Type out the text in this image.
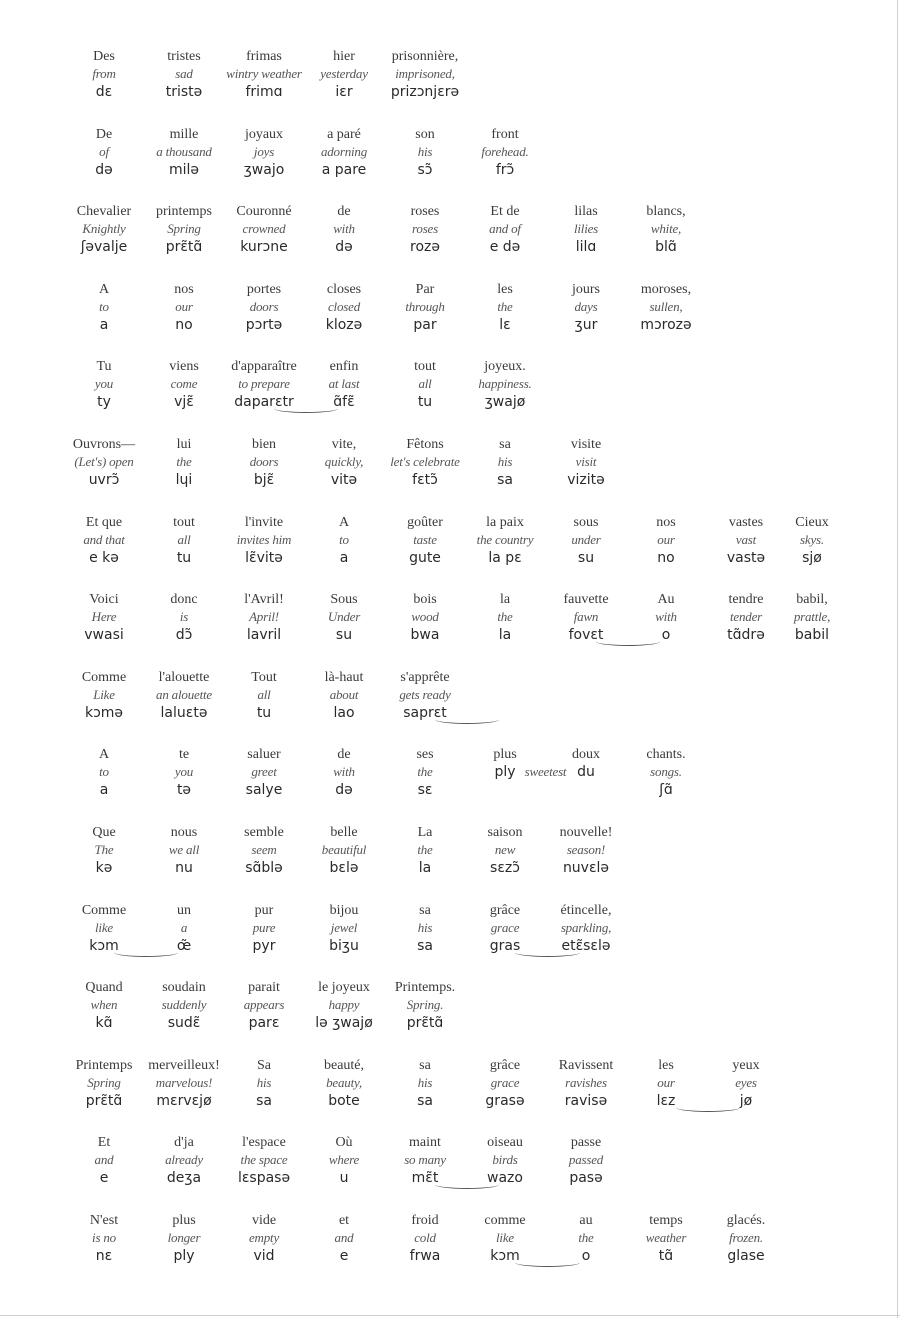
Des
from
dɛ
tristes
sad
tristə
frimas
wintry weather
frimɑ
hier
yesterday
iɛr
prisonnière,
imprisoned,
prizɔnjɛrə
De
of
də
mille
a thousand
milə
joyaux
joys
ʒwajo
a paré
adorning
a pare
son
his
sɔ̃
front
forehead.
frɔ̃
Chevalier
Knightly
ʃəvalje
printemps
Spring
prɛ̃tɑ̃
Couronné
crowned
kurɔne
de
with
də
roses
roses
rozə
Et de
and of
e də
lilas
lilies
lilɑ
blancs,
white,
blɑ̃
A
to
a
nos
our
no
portes
doors
pɔrtə
closes
closed
klozə
Par
through
par
les
the
lɛ
jours
days
ʒur
moroses,
sullen,
mɔrozə
Tu
you
ty
viens
come
vjɛ̃
d'apparaître
to prepare
daparɛtr
enfin
at last
ɑ̃fɛ̃
tout
all
tu
joyeux.
happiness.
ʒwajø
Ouvrons—
(Let's) open
uvrɔ̃
lui
the
lɥi
bien
doors
bjɛ̃
vite,
quickly,
vitə
Fêtons
let's celebrate
fɛtɔ̃
sa
his
sa
visite
visit
vizitə
Et que
and that
e kə
tout
all
tu
l'invite
invites him
lɛ̃vitə
A
to
a
goûter
taste
gute
la paix
the country
la pɛ
sous
under
su
nos
our
no
vastes
vast
vastə
Cieux
skys.
sjø
Voici
Here
vwasi
donc
is
dɔ̃
l'Avril!
April!
lavril
Sous
Under
su
bois
wood
bwa
la
the
la
fauvette
fawn
fovɛt
Au
with
o
tendre
tender
tɑ̃drə
babil,
prattle,
babil
Comme
Like
kɔmə
l'alouette
an alouette
laluɛtə
Tout
all
tu
là-haut
about
lao
s'apprête
gets ready
saprɛt
A
to
a
te
you
tə
saluer
greet
salye
de
with
də
ses
the
sɛ
plus
ply
doux
du
chants.
songs.
ʃɑ̃
sweetest
Que
The
kə
nous
we all
nu
semble
seem
sɑ̃blə
belle
beautiful
bɛlə
La
the
la
saison
new
sɛzɔ̃
nouvelle!
season!
nuvɛlə
Comme
like
kɔm
un
a
œ̃
pur
pure
pyr
bijou
jewel
biʒu
sa
his
sa
grâce
grace
gras
étincelle,
sparkling,
etɛ̃sɛlə
Quand
when
kɑ̃
soudain
suddenly
sudɛ̃
parait
appears
parɛ
le joyeux
happy
lə ʒwajø
Printemps.
Spring.
prɛ̃tɑ̃
Printemps
Spring
prɛ̃tɑ̃
merveilleux!
marvelous!
mɛrvɛjø
Sa
his
sa
beauté,
beauty,
bote
sa
his
sa
grâce
grace
grasə
Ravissent
ravishes
ravisə
les
our
lɛz
yeux
eyes
jø
Et
and
e
d'ja
already
deʒa
l'espace
the space
lɛspasə
Où
where
u
maint
so many
mɛ̃t
oiseau
birds
wazo
passe
passed
pasə
N'est
is no
nɛ
plus
longer
ply
vide
empty
vid
et
and
e
froid
cold
frwa
comme
like
kɔm
au
the
o
temps
weather
tɑ̃
glacés.
frozen.
glase
